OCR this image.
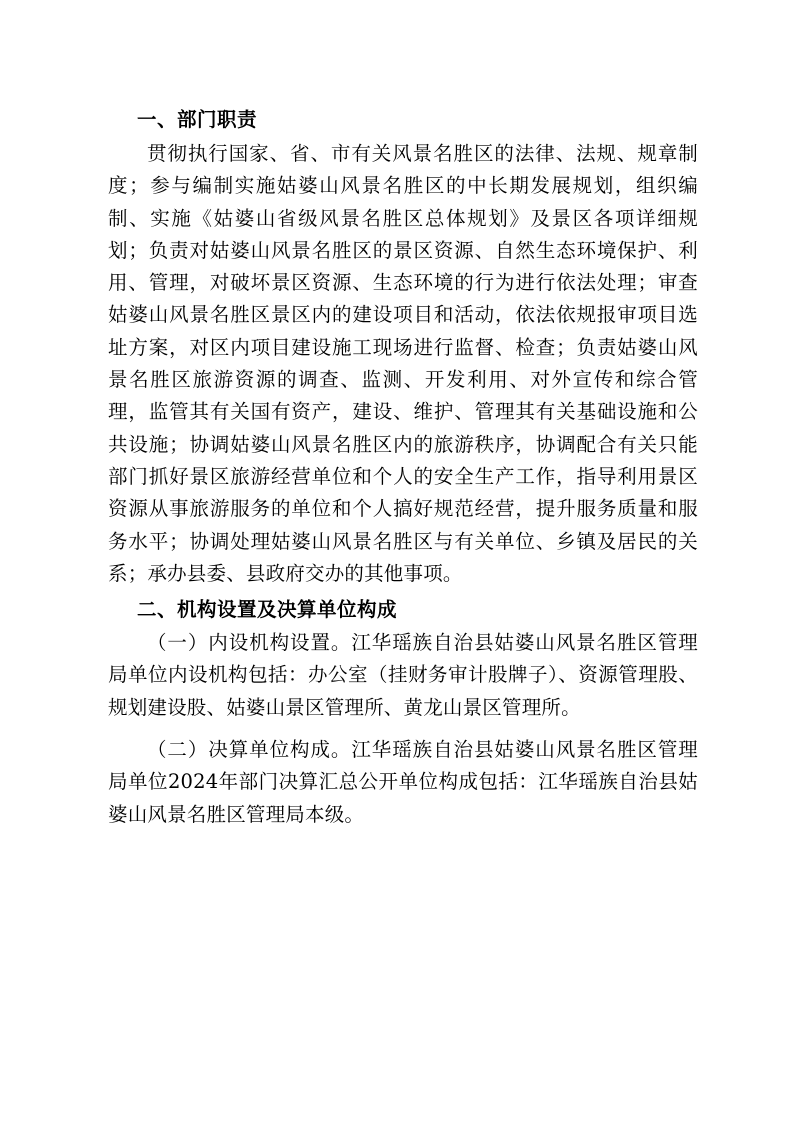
一、部门职责

贯彻执行国家、省、市有关风景名胜区的法律、法规、规章制度；参与编制实施姑婆山风景名胜区的中长期发展规划，组织编制、实施《姑婆山省级风景名胜区总体规划》及景区各项详细规划；负责对姑婆山风景名胜区的景区资源、自然生态环境保护、利用、管理，对破坏景区资源、生态环境的行为进行依法处理；审查姑婆山风景名胜区景区内的建设项目和活动，依法依规报审项目选址方案，对区内项目建设施工现场进行监督、检查；负责姑婆山风景名胜区旅游资源的调查、监测、开发利用、对外宣传和综合管理，监管其有关国有资产，建设、维护、管理其有关基础设施和公共设施；协调姑婆山风景名胜区内的旅游秩序，协调配合有关只能部门抓好景区旅游经营单位和个人的安全生产工作，指导利用景区资源从事旅游服务的单位和个人搞好规范经营，提升服务质量和服务水平；协调处理姑婆山风景名胜区与有关单位、乡镇及居民的关系；承办县委、县政府交办的其他事项。

二、机构设置及决算单位构成

（一）内设机构设置。江华瑶族自治县姑婆山风景名胜区管理局单位内设机构包括：办公室（挂财务审计股牌子）、资源管理股、规划建设股、姑婆山景区管理所、黄龙山景区管理所。

（二）决算单位构成。江华瑶族自治县姑婆山风景名胜区管理局单位2024年部门决算汇总公开单位构成包括：江华瑶族自治县姑婆山风景名胜区管理局本级。
